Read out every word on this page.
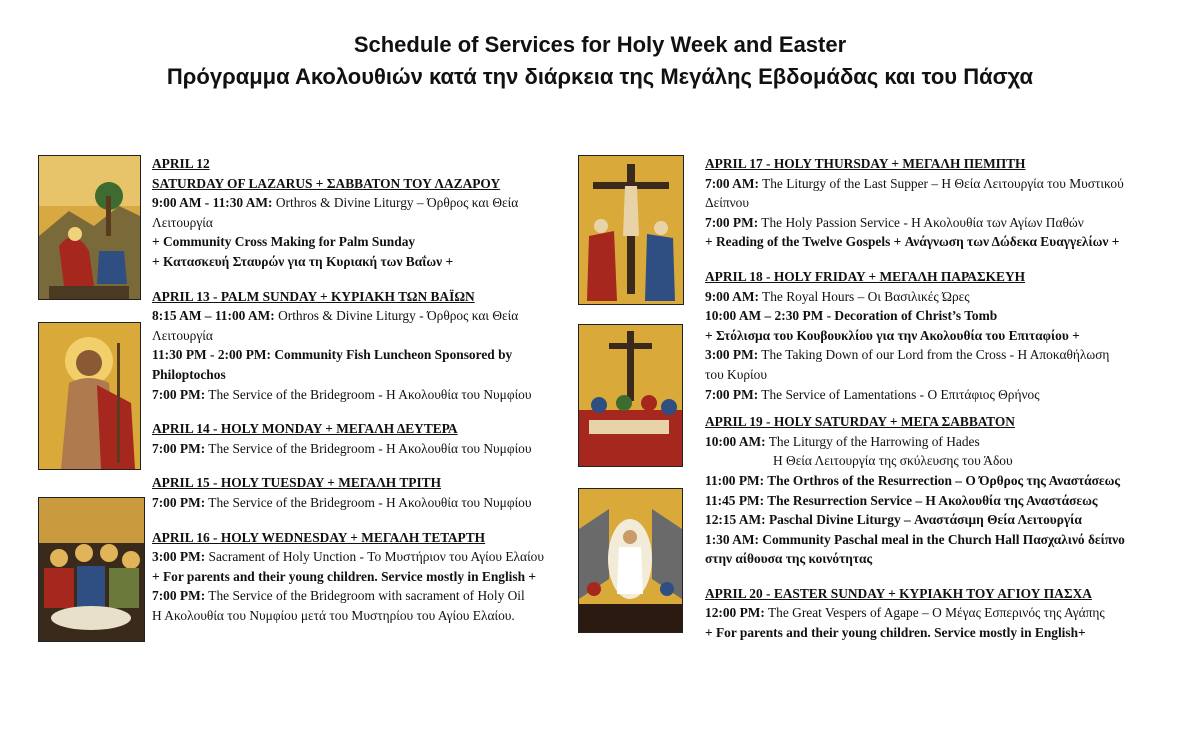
Schedule of Services for Holy Week and Easter
Πρόγραμμα Ακολουθιών κατά την διάρκεια της Μεγάλης Εβδομάδας και του Πάσχα
APRIL 12
SATURDAY OF LAZARUS + ΣΑΒΒΑΤΟΝ ΤΟΥ ΛΑΖΑΡΟΥ
9:00 AM - 11:30 AM: Orthros & Divine Liturgy – Όρθρος και Θεία
Λειτουργία
+ Community Cross Making for Palm Sunday
+ Κατασκευή Σταυρών για τη Κυριακή των Βαΐων +
APRIL 13 - PALM SUNDAY + ΚΥΡΙΑΚΗ ΤΩΝ ΒΑΪΩΝ
8:15 AM – 11:00 AM: Orthros & Divine Liturgy - Όρθρος και Θεία
Λειτουργία
11:30 PM - 2:00 PM: Community Fish Luncheon Sponsored by
Philoptochos
7:00 PM: The Service of the Bridegroom - Η Ακολουθία του Νυμφίου
APRIL 14 - HOLY MONDAY + ΜΕΓΑΛΗ ΔΕΥΤΕΡΑ
7:00 PM: The Service of the Bridegroom - Η Ακολουθία του Νυμφίου
APRIL 15 - HOLY TUESDAY + ΜΕΓΑΛΗ ΤΡΙΤΗ
7:00 PM: The Service of the Bridegroom - Η Ακολουθία του Νυμφίου
APRIL 16 - HOLY WEDNESDAY + ΜΕΓΑΛΗ ΤΕΤΑΡΤΗ
3:00 PM: Sacrament of Holy Unction - Το Μυστήριον του Αγίου Ελαίου
+ For parents and their young children. Service mostly in English +
7:00 PM: The Service of the Bridegroom with sacrament of Holy Oil
Η Ακολουθία του Νυμφίου μετά του Μυστηρίου του Αγίου Ελαίου.
APRIL 17 - HOLY THURSDAY + ΜΕΓΑΛΗ ΠΕΜΠΤΗ
7:00 AM: The Liturgy of the Last Supper – Η Θεία Λειτουργία του Μυστικού
Δείπνου
7:00 PM: The Holy Passion Service - Η Ακολουθία των Αγίων Παθών
+ Reading of the Twelve Gospels + Ανάγνωση των Δώδεκα Ευαγγελίων +
APRIL 18 - HOLY FRIDAY + ΜΕΓΑΛΗ ΠΑΡΑΣΚΕΥΗ
9:00 AM: The Royal Hours – Οι Βασιλικές Ώρες
10:00 AM – 2:30 PM - Decoration of Christ’s Tomb
+ Στόλισμα του Κουβουκλίου για την Ακολουθία του Επιταφίου +
3:00 PM: The Taking Down of our Lord from the Cross - Η Αποκαθήλωση
του Κυρίου
7:00 PM: The Service of Lamentations - Ο Επιτάφιος Θρήνος
APRIL 19 - HOLY SATURDAY + ΜΕΓΑ ΣΑΒΒΑΤΟΝ
10:00 AM: The Liturgy of the Harrowing of Hades
Η Θεία Λειτουργία της σκύλευσης του Άδου
11:00 PM: The Orthros of the Resurrection – Ο Όρθρος της Αναστάσεως
11:45 PM: The Resurrection Service – Η Ακολουθία της Αναστάσεως
12:15 AM: Paschal Divine Liturgy – Αναστάσιμη Θεία Λειτουργία
1:30 AM: Community Paschal meal in the Church Hall Πασχαλινό δείπνο
στην αίθουσα της κοινότητας
APRIL 20 - EASTER SUNDAY + ΚΥΡΙΑΚΗ ΤΟΥ ΑΓΙΟΥ ΠΑΣΧΑ
12:00 PM: The Great Vespers of Agape – Ο Μέγας Εσπερινός της Αγάπης
+ For parents and their young children. Service mostly in English+
